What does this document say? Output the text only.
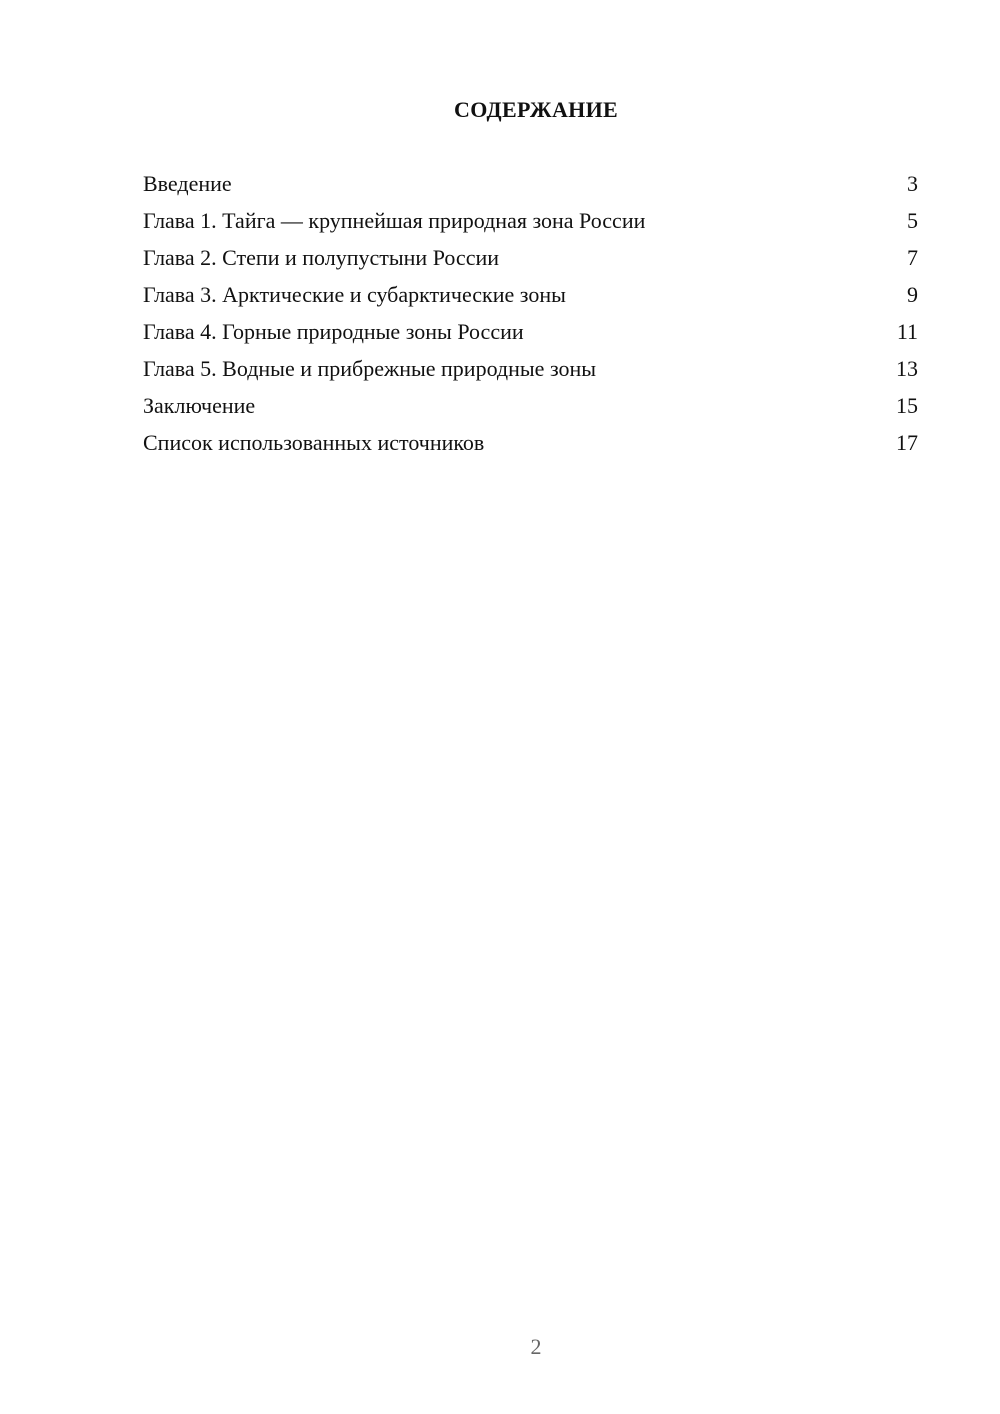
СОДЕРЖАНИЕ
Введение	3
Глава 1. Тайга — крупнейшая природная зона России	5
Глава 2. Степи и полупустыни России	7
Глава 3. Арктические и субарктические зоны	9
Глава 4. Горные природные зоны России	11
Глава 5. Водные и прибрежные природные зоны	13
Заключение	15
Список использованных источников	17
2
